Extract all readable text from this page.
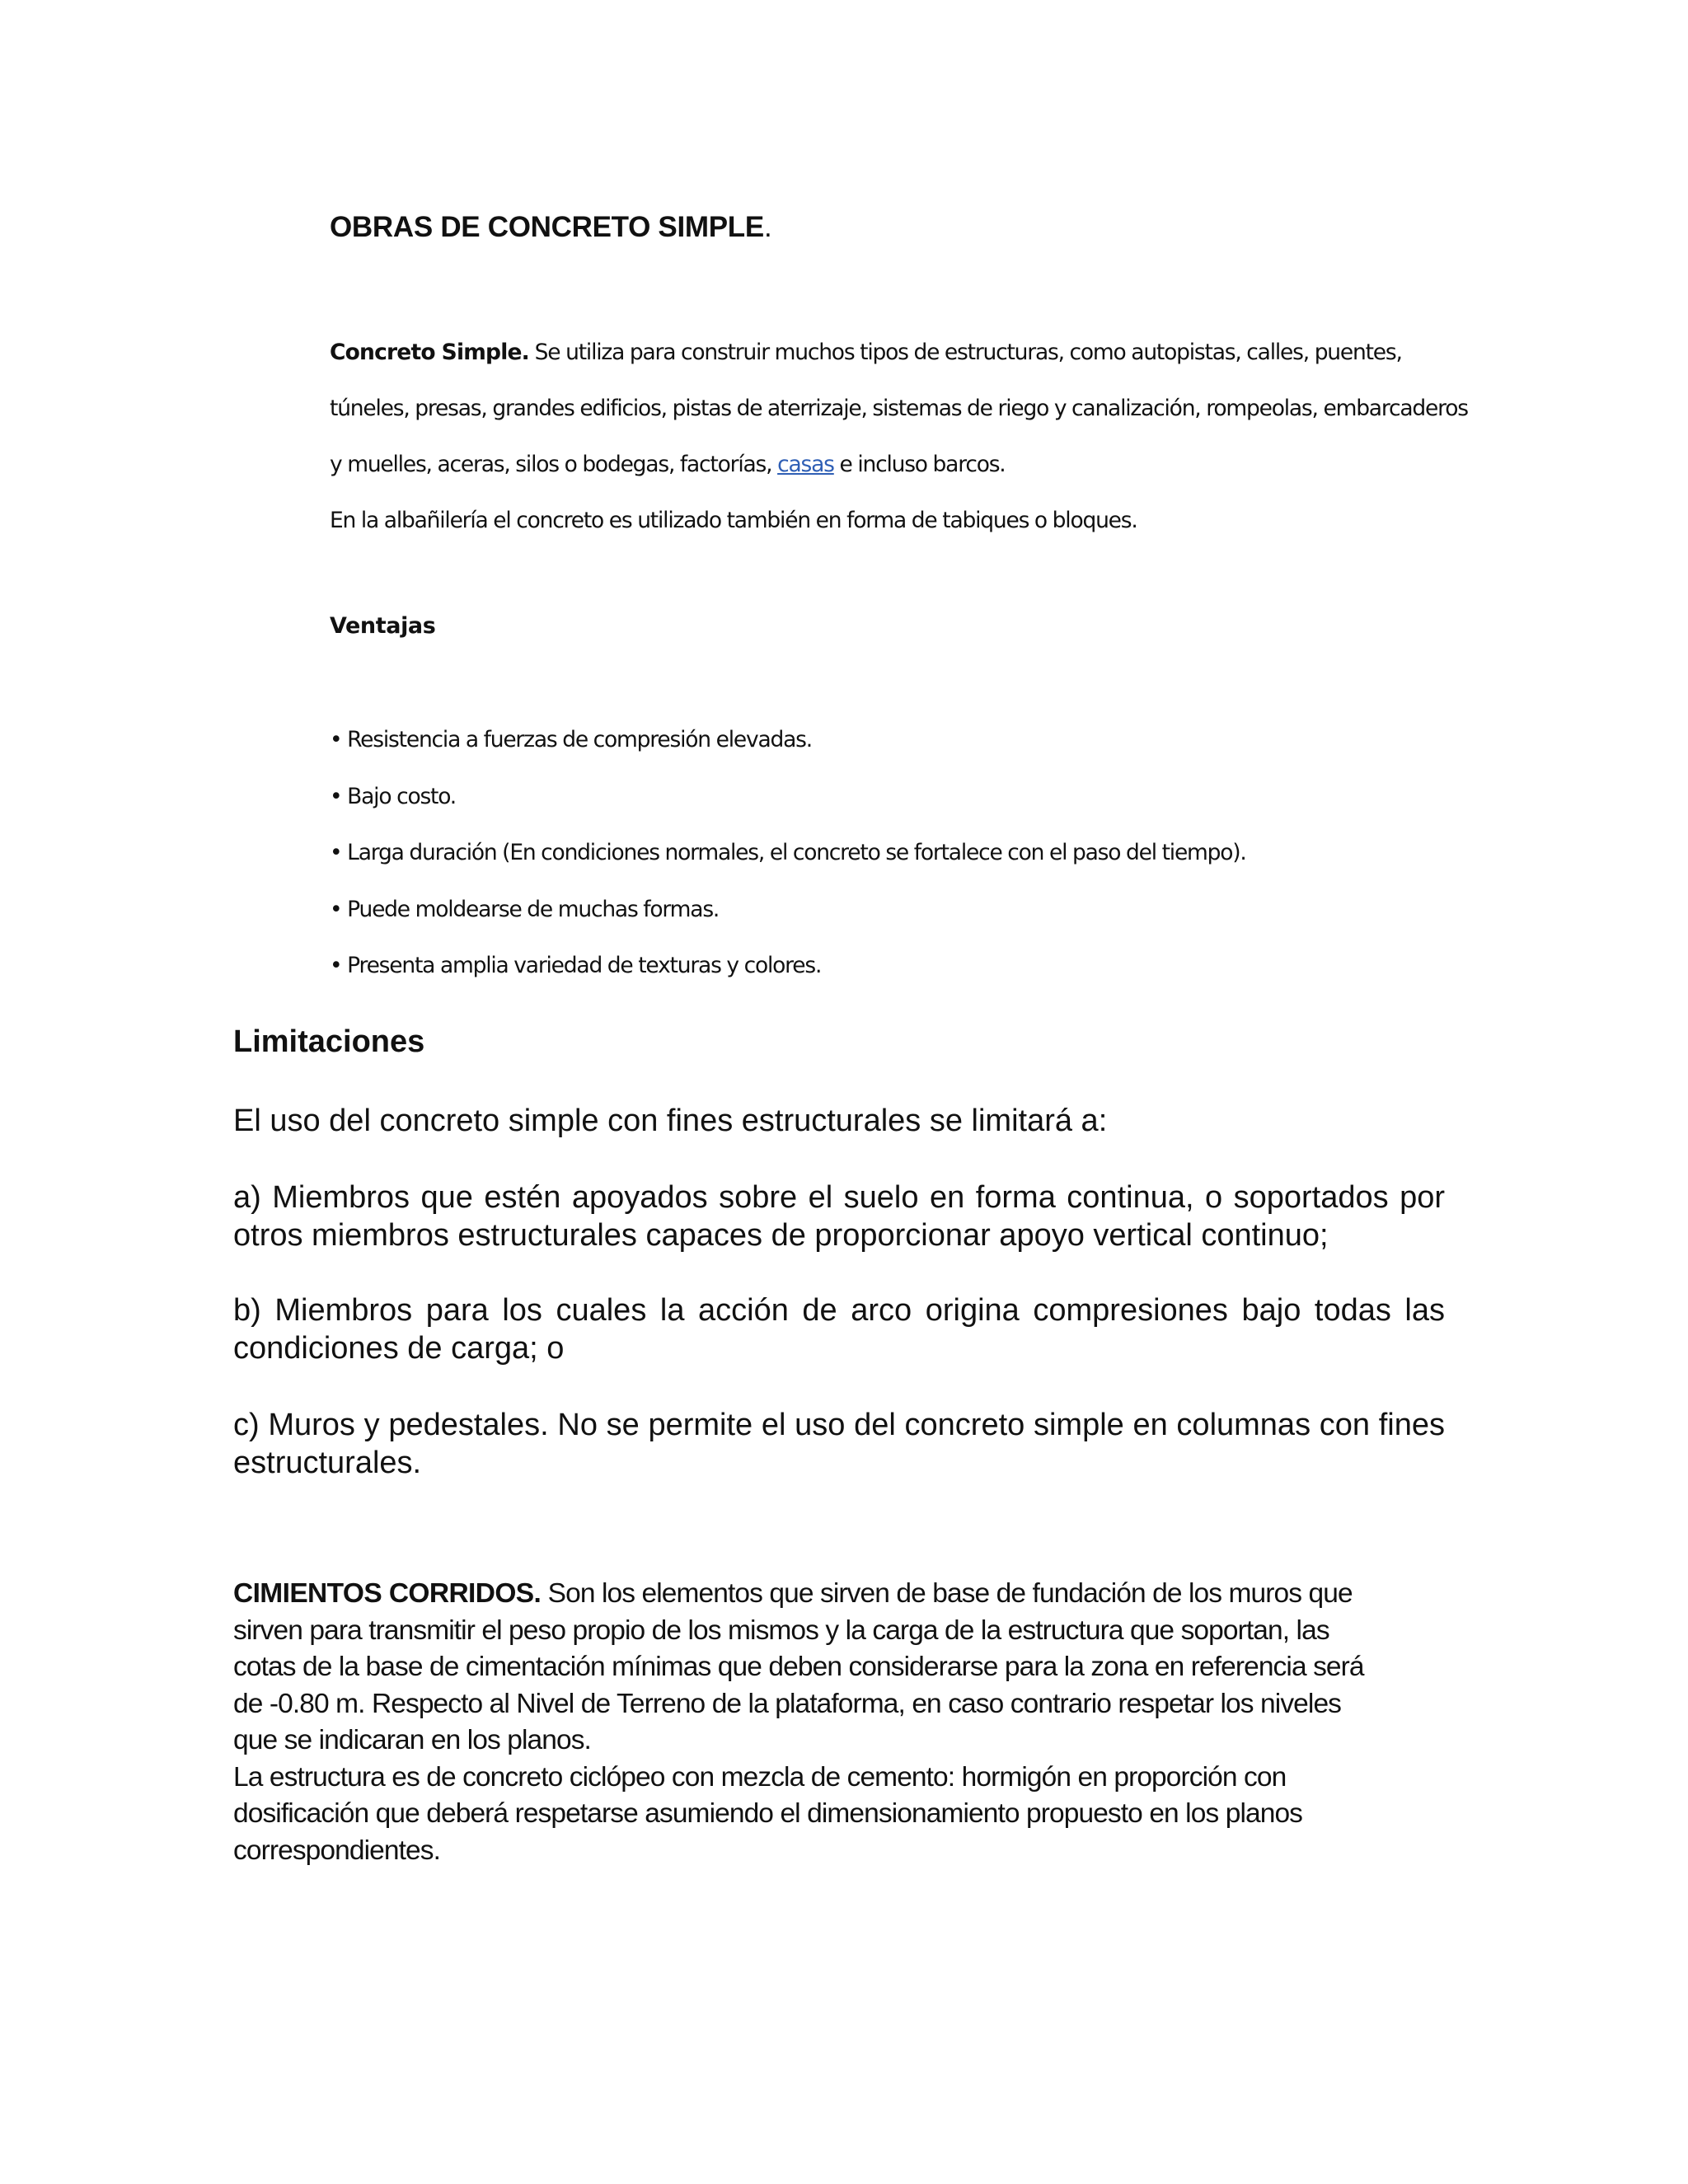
OBRAS DE CONCRETO SIMPLE.
Concreto Simple. Se utiliza para construir muchos tipos de estructuras, como autopistas, calles, puentes,
túneles, presas, grandes edificios, pistas de aterrizaje, sistemas de riego y canalización, rompeolas, embarcaderos
y muelles, aceras, silos o bodegas, factorías, casas e incluso barcos.
En la albañilería el concreto es utilizado también en forma de tabiques o bloques.
Ventajas
• Resistencia a fuerzas de compresión elevadas.
• Bajo costo.
• Larga duración (En condiciones normales, el concreto se fortalece con el paso del tiempo).
• Puede moldearse de muchas formas.
• Presenta amplia variedad de texturas y colores.
Limitaciones

El uso del concreto simple con fines estructurales se limitará a:

a) Miembros que estén apoyados sobre el suelo en forma continua, o soportados por otros miembros estructurales capaces de proporcionar apoyo vertical continuo;

b) Miembros para los cuales la acción de arco origina compresiones bajo todas las condiciones de carga; o

c) Muros y pedestales. No se permite el uso del concreto simple en columnas con fines estructurales.

CIMIENTOS CORRIDOS. Son los elementos que sirven de base de fundación de los muros que
sirven para transmitir el peso propio de los mismos y la carga de la estructura que soportan, las
cotas de la base de cimentación mínimas que deben considerarse para la zona en referencia será
de -0.80 m. Respecto al Nivel de Terreno de la plataforma, en caso contrario respetar los niveles
que se indicaran en los planos.
La estructura es de concreto ciclópeo con mezcla de cemento: hormigón en proporción con
dosificación que deberá respetarse asumiendo el dimensionamiento propuesto en los planos
correspondientes.
